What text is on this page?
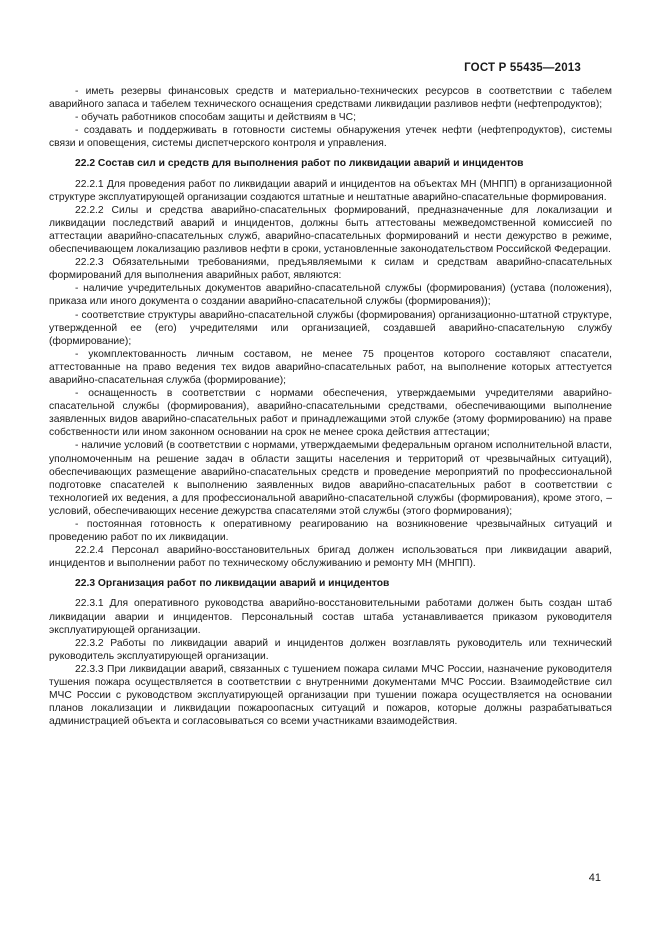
ГОСТ Р 55435—2013

- иметь резервы финансовых средств и материально-технических ресурсов в соответствии с табелем аварийного запаса и табелем технического оснащения средствами ликвидации разливов нефти (нефтепродуктов);

- обучать работников способам защиты и действиям в ЧС;

- создавать и поддерживать в готовности системы обнаружения утечек нефти (нефтепродуктов), системы связи и оповещения, системы диспетчерского контроля и управления.

22.2 Состав сил и средств для выполнения работ по ликвидации аварий и инцидентов

22.2.1 Для проведения работ по ликвидации аварий и инцидентов на объектах МН (МНПП) в организационной структуре эксплуатирующей организации создаются штатные и нештатные аварийно-спасательные формирования.

22.2.2 Силы и средства аварийно-спасательных формирований, предназначенные для локализации и ликвидации последствий аварий и инцидентов, должны быть аттестованы межведомственной комиссией по аттестации аварийно-спасательных служб, аварийно-спасательных формирований и нести дежурство в режиме, обеспечивающем локализацию разливов нефти в сроки, установленные законодательством Российской Федерации.

22.2.3 Обязательными требованиями, предъявляемыми к силам и средствам аварийно-спасательных формирований для выполнения аварийных работ, являются:

- наличие учредительных документов аварийно-спасательной службы (формирования) (устава (положения), приказа или иного документа о создании аварийно-спасательной службы (формирования));

- соответствие структуры аварийно-спасательной службы (формирования) организационно-штатной структуре, утвержденной ее (его) учредителями или организацией, создавшей аварийно-спасательную службу (формирование);

- укомплектованность личным составом, не менее 75 процентов которого составляют спасатели, аттестованные на право ведения тех видов аварийно-спасательных работ, на выполнение которых аттестуется аварийно-спасательная служба (формирование);

- оснащенность в соответствии с нормами обеспечения, утверждаемыми учредителями аварийно-спасательной службы (формирования), аварийно-спасательными средствами, обеспечивающими выполнение заявленных видов аварийно-спасательных работ и принадлежащими этой службе (этому формированию) на праве собственности или ином законном основании на срок не менее срока действия аттестации;

- наличие условий (в соответствии с нормами, утверждаемыми федеральным органом исполнительной власти, уполномоченным на решение задач в области защиты населения и территорий от чрезвычайных ситуаций), обеспечивающих размещение аварийно-спасательных средств и проведение мероприятий по профессиональной подготовке спасателей к выполнению заявленных видов аварийно-спасательных работ в соответствии с технологией их ведения, а для профессиональной аварийно-спасательной службы (формирования), кроме этого, – условий, обеспечивающих несение дежурства спасателями этой службы (этого формирования);

- постоянная готовность к оперативному реагированию на возникновение чрезвычайных ситуаций и проведению работ по их ликвидации.

22.2.4 Персонал аварийно-восстановительных бригад должен использоваться при ликвидации аварий, инцидентов и выполнении работ по техническому обслуживанию и ремонту МН (МНПП).

22.3 Организация работ по ликвидации аварий и инцидентов

22.3.1 Для оперативного руководства аварийно-восстановительными работами должен быть создан штаб ликвидации аварии и инцидентов. Персональный состав штаба устанавливается приказом руководителя эксплуатирующей организации.

22.3.2 Работы по ликвидации аварий и инцидентов должен возглавлять руководитель или технический руководитель эксплуатирующей организации.

22.3.3 При ликвидации аварий, связанных с тушением пожара силами МЧС России, назначение руководителя тушения пожара осуществляется в соответствии с внутренними документами МЧС России. Взаимодействие сил МЧС России с руководством эксплуатирующей организации при тушении пожара осуществляется на основании планов локализации и ликвидации пожароопасных ситуаций и пожаров, которые должны разрабатываться администрацией объекта и согласовываться со всеми участниками взаимодействия.

41
